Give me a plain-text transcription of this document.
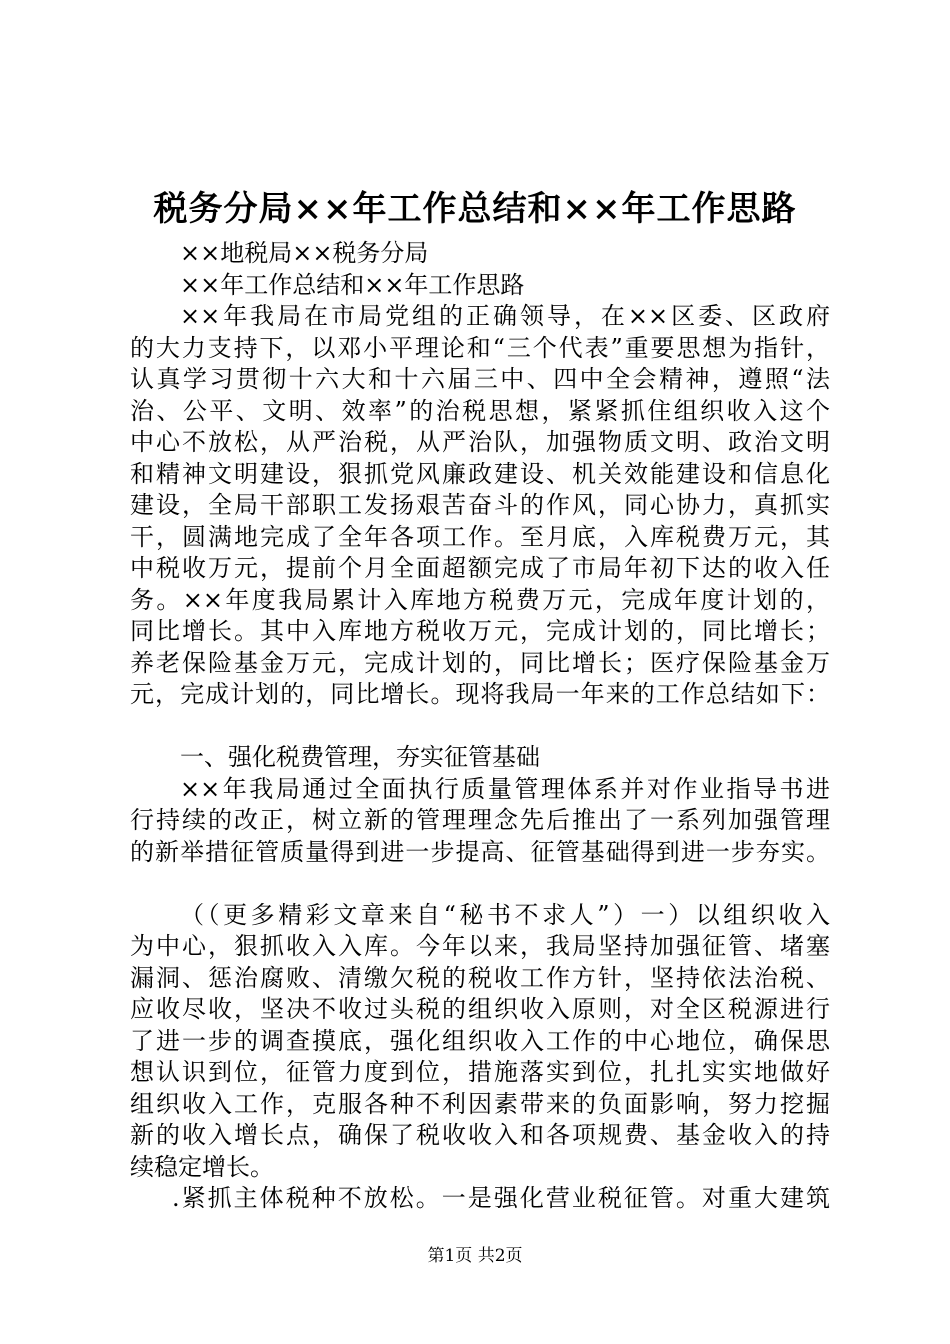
税务分局××年工作总结和××年工作思路
××地税局××税务分局
××年工作总结和××年工作思路
××年我局在市局党组的正确领导，在××区委、区政府
的大力支持下，以邓小平理论和“三个代表”重要思想为指针，
认真学习贯彻十六大和十六届三中、四中全会精神，遵照“法
治、公平、文明、效率”的治税思想，紧紧抓住组织收入这个
中心不放松，从严治税，从严治队，加强物质文明、政治文明
和精神文明建设，狠抓党风廉政建设、机关效能建设和信息化
建设，全局干部职工发扬艰苦奋斗的作风，同心协力，真抓实
干，圆满地完成了全年各项工作。至月底，入库税费万元，其
中税收万元，提前个月全面超额完成了市局年初下达的收入任
务。××年度我局累计入库地方税费万元，完成年度计划的，
同比增长。其中入库地方税收万元，完成计划的，同比增长；
养老保险基金万元，完成计划的，同比增长；医疗保险基金万
元，完成计划的，同比增长。现将我局一年来的工作总结如下：
一、强化税费管理，夯实征管基础
××年我局通过全面执行质量管理体系并对作业指导书进
行持续的改正，树立新的管理理念先后推出了一系列加强管理
的新举措征管质量得到进一步提高、征管基础得到进一步夯实。
（（更多精彩文章来自“秘书不求人”）一）以组织收入
为中心，狠抓收入入库。今年以来，我局坚持加强征管、堵塞
漏洞、惩治腐败、清缴欠税的税收工作方针，坚持依法治税、
应收尽收，坚决不收过头税的组织收入原则，对全区税源进行
了进一步的调查摸底，强化组织收入工作的中心地位，确保思
想认识到位，征管力度到位，措施落实到位，扎扎实实地做好
组织收入工作，克服各种不利因素带来的负面影响，努力挖掘
新的收入增长点，确保了税收收入和各项规费、基金收入的持
续稳定增长。
.紧抓主体税种不放松。一是强化营业税征管。对重大建筑
第1页 共2页
